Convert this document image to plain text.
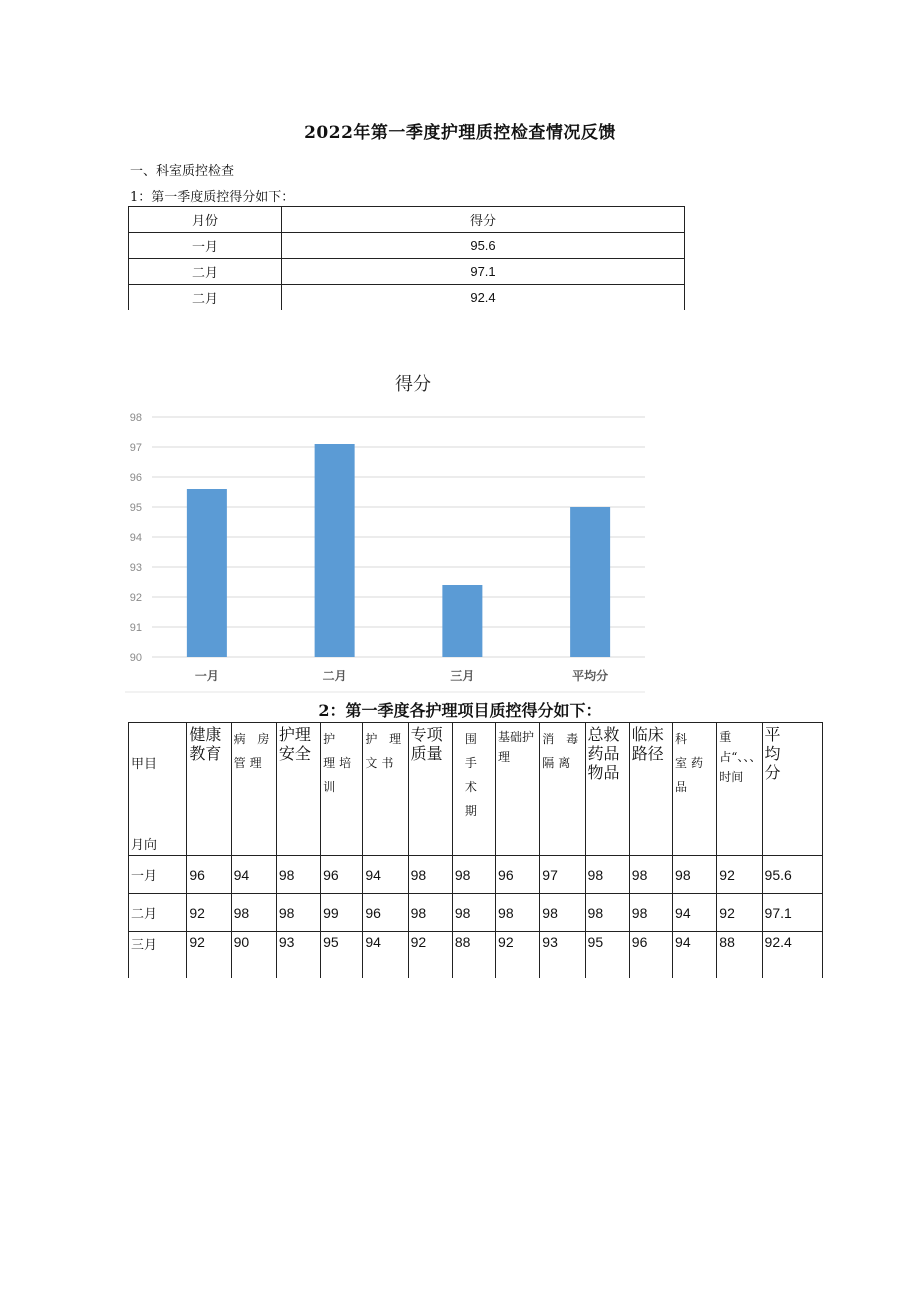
2022年第一季度护理质控检查情况反馈
一、科室质控检查
1：第一季度质控得分如下：
月份	得分
一月	95.6
二月	97.1
二月	92.4
得分
90
91
92
93
94
95
96
97
98
一月	二月	三月	平均分
2：第一季度各护理项目质控得分如下：
甲目
月向	健康教育	病 房管理	护理安全	护 理培训	护 理文书	专项质量	围手术期	基础护理	消 毒隔离	总救药品物品	临床路径	科 室药品	重占“、、、时间	平均分

一月	96	94	98	96	94	98	98	96	97	98	98	98	92	95.6
二月	92	98	98	99	96	98	98	98	98	98	98	94	92	97.1
三月	92	90	93	95	94	92	88	92	93	95	96	94	88	92.4
